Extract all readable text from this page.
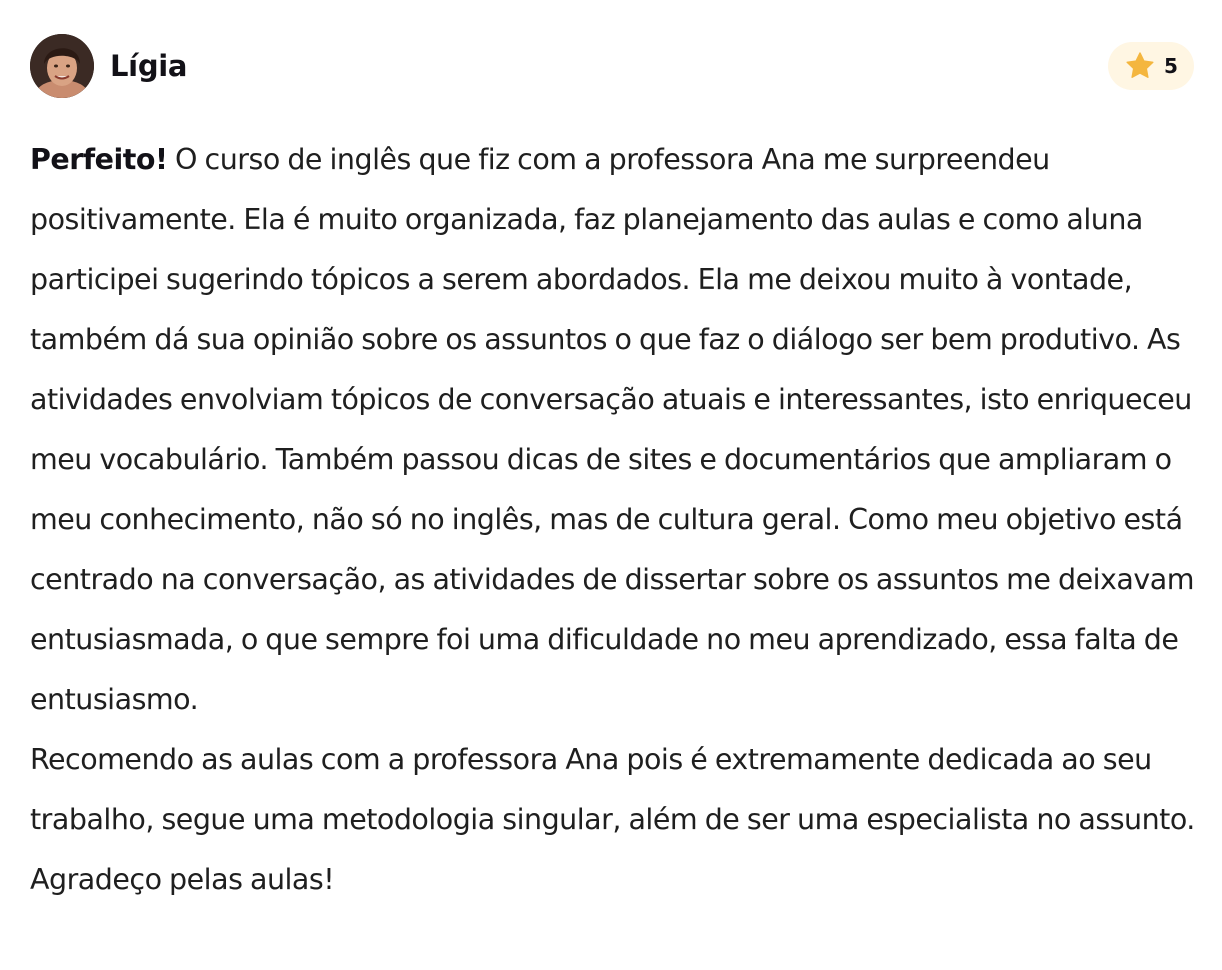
Lígia	5

Perfeito! O curso de inglês que fiz com a professora Ana me surpreendeu positivamente. Ela é muito organizada, faz planejamento das aulas e como aluna participei sugerindo tópicos a serem abordados. Ela me deixou muito à vontade, também dá sua opinião sobre os assuntos o que faz o diálogo ser bem produtivo. As atividades envolviam tópicos de conversação atuais e interessantes, isto enriqueceu meu vocabulário. Também passou dicas de sites e documentários que ampliaram o meu conhecimento, não só no inglês, mas de cultura geral. Como meu objetivo está centrado na conversação, as atividades de dissertar sobre os assuntos me deixavam entusiasmada, o que sempre foi uma dificuldade no meu aprendizado, essa falta de entusiasmo.

Recomendo as aulas com a professora Ana pois é extremamente dedicada ao seu trabalho, segue uma metodologia singular, além de ser uma especialista no assunto. Agradeço pelas aulas!
